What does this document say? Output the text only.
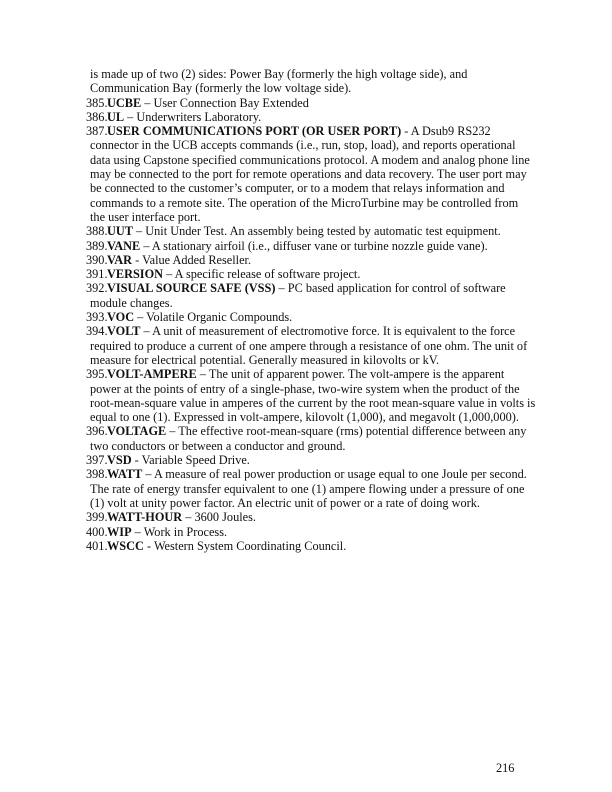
is made up of two (2) sides: Power Bay (formerly the high voltage side), and Communication Bay (formerly the low voltage side).
385.UCBE – User Connection Bay Extended
386.UL – Underwriters Laboratory.
387.USER COMMUNICATIONS PORT (OR USER PORT) - A Dsub9 RS232 connector in the UCB accepts commands (i.e., run, stop, load), and reports operational data using Capstone specified communications protocol. A modem and analog phone line may be connected to the port for remote operations and data recovery. The user port may be connected to the customer’s computer, or to a modem that relays information and commands to a remote site. The operation of the MicroTurbine may be controlled from the user interface port.
388.UUT – Unit Under Test. An assembly being tested by automatic test equipment.
389.VANE – A stationary airfoil (i.e., diffuser vane or turbine nozzle guide vane).
390.VAR - Value Added Reseller.
391.VERSION – A specific release of software project.
392.VISUAL SOURCE SAFE (VSS) – PC based application for control of software module changes.
393.VOC – Volatile Organic Compounds.
394.VOLT – A unit of measurement of electromotive force. It is equivalent to the force required to produce a current of one ampere through a resistance of one ohm. The unit of measure for electrical potential. Generally measured in kilovolts or kV.
395.VOLT-AMPERE – The unit of apparent power. The volt-ampere is the apparent power at the points of entry of a single-phase, two-wire system when the product of the root-mean-square value in amperes of the current by the root mean-square value in volts is equal to one (1). Expressed in volt-ampere, kilovolt (1,000), and megavolt (1,000,000).
396.VOLTAGE – The effective root-mean-square (rms) potential difference between any two conductors or between a conductor and ground.
397.VSD - Variable Speed Drive.
398.WATT – A measure of real power production or usage equal to one Joule per second. The rate of energy transfer equivalent to one (1) ampere flowing under a pressure of one (1) volt at unity power factor. An electric unit of power or a rate of doing work.
399.WATT-HOUR – 3600 Joules.
400.WIP – Work in Process.
401.WSCC - Western System Coordinating Council.
216
